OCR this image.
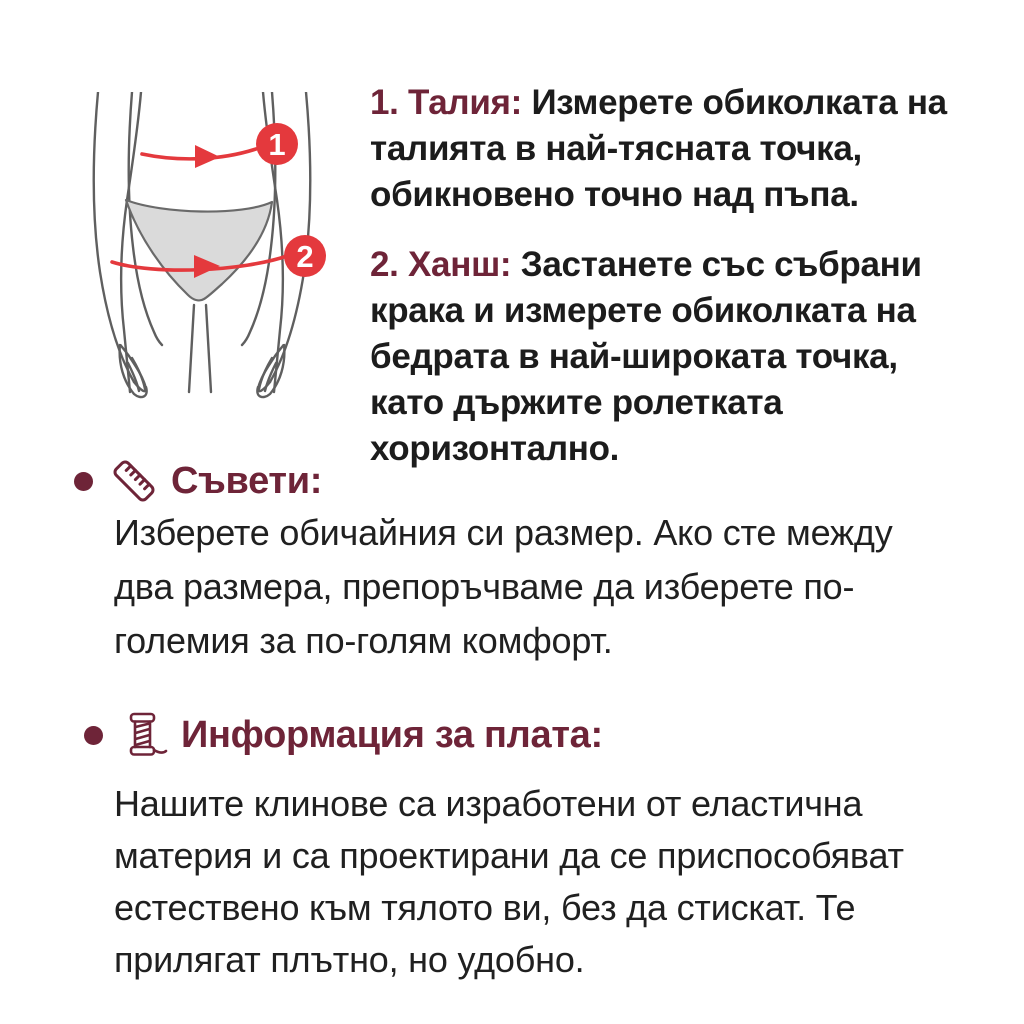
1
2

1. Талия: Измерете обиколката на талията в най-тясната точка, обикновено точно над пъпа.

2. Ханш: Застанете със събрани крака и измерете обиколката на бедрата в най-широката точка, като държите ролетката хоризонтално.

Съвети:

Изберете обичайния си размер. Ако сте между два размера, препоръчваме да изберете по-големия за по-голям комфорт.

Информация за плата:

Нашите клинове са изработени от еластична материя и са проектирани да се приспособяват естествено към тялото ви, без да стискат. Те прилягат плътно, но удобно.
